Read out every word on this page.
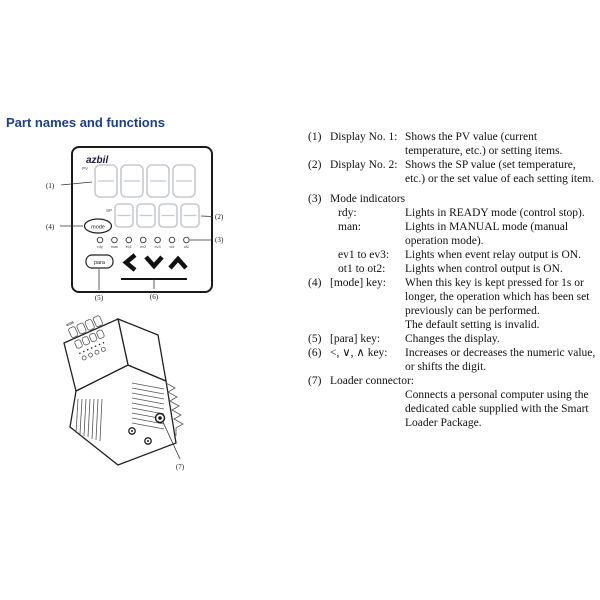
Part names and functions
azbil
PV
SP
mode
rdy man ev1 ev2 ev3 ot1 ot2
para
(1)
(4)
(2)
(3)
(5)	(6)
azbil
(7)
(1) Display No. 1: Shows the PV value (current temperature, etc.) or setting items.
(2) Display No. 2: Shows the SP value (set temperature, etc.) or the set value of each setting item.
(3) Mode indicators
rdy:	Lights in READY mode (control stop).
man:	Lights in MANUAL mode (manual operation mode).
ev1 to ev3:	Lights when event relay output is ON.
ot1 to ot2:	Lights when control output is ON.
(4) [mode] key:	When this key is kept pressed for 1s or longer, the operation which has been set previously can be performed.
The default setting is invalid.
(5) [para] key:	Changes the display.
(6) <, ∨, ∧ key:	Increases or decreases the numeric value, or shifts the digit.
(7) Loader connector:
Connects a personal computer using the dedicated cable supplied with the Smart Loader Package.
